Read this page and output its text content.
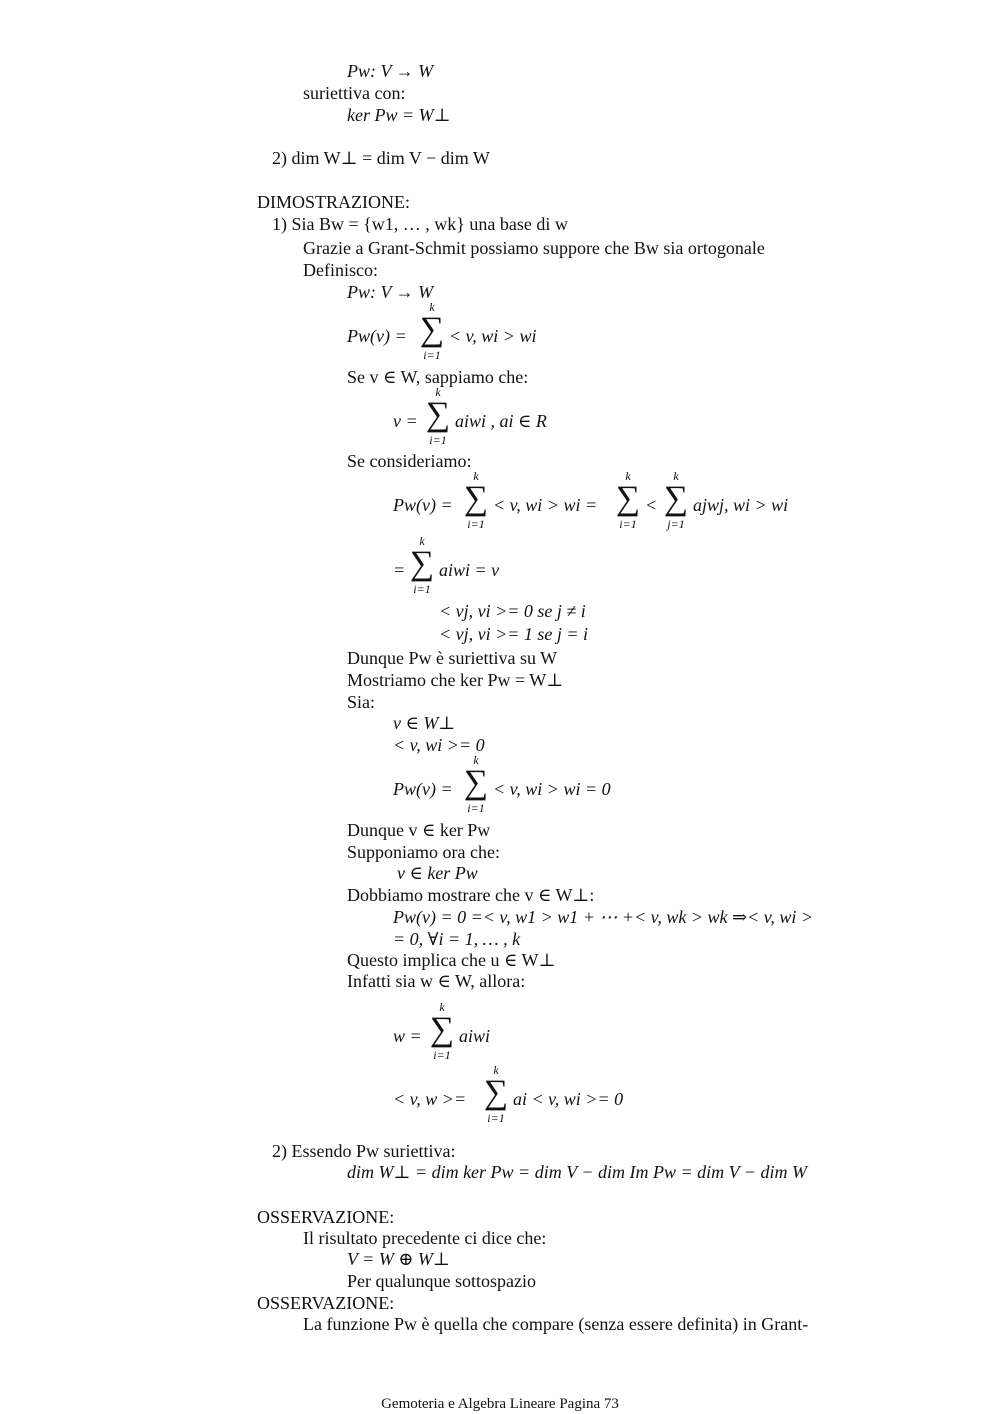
Pw: V → W
suriettiva con:
ker Pw = W⊥
2) dim W⊥ = dim V − dim W
DIMOSTRAZIONE:
1) Sia Bw = {w1, … , wk} una base di w
Grazie a Grant-Schmit possiamo suppore che Bw sia ortogonale
Definisco:
Pw: V → W
Pw(v) =
k
∑
i=1
< v, wi > wi
Se v ∈ W, sappiamo che:
v =
k
∑
i=1
aiwi , ai ∈ R
Se consideriamo:
Pw(v) =
k
∑
i=1
< v, wi > wi =
k
∑
i=1
<
k
∑
j=1
ajwj, wi > wi
=
k
∑
i=1
aiwi = v
< vj, vi >= 0 se j ≠ i
< vj, vi >= 1 se j = i
Dunque Pw è suriettiva su W
Mostriamo che ker Pw = W⊥
Sia:
v ∈ W⊥
< v, wi >= 0
Pw(v) =
k
∑
i=1
< v, wi > wi = 0
Dunque v ∈ ker Pw
Supponiamo ora che:
v ∈ ker Pw
Dobbiamo mostrare che v ∈ W⊥:
Pw(v) = 0 =< v, w1 > w1 + ⋯ +< v, wk > wk ⇒< v, wi >
= 0, ∀i = 1, … , k
Questo implica che u ∈ W⊥
Infatti sia w ∈ W, allora:
w =
k
∑
i=1
aiwi
< v, w >=
k
∑
i=1
ai < v, wi >= 0
2) Essendo Pw suriettiva:
dim W⊥ = dim ker Pw = dim V − dim Im Pw = dim V − dim W
OSSERVAZIONE:
Il risultato precedente ci dice che:
V = W ⊕ W⊥
Per qualunque sottospazio
OSSERVAZIONE:
La funzione Pw è quella che compare (senza essere definita) in Grant-
Gemoteria e Algebra Lineare Pagina 73
